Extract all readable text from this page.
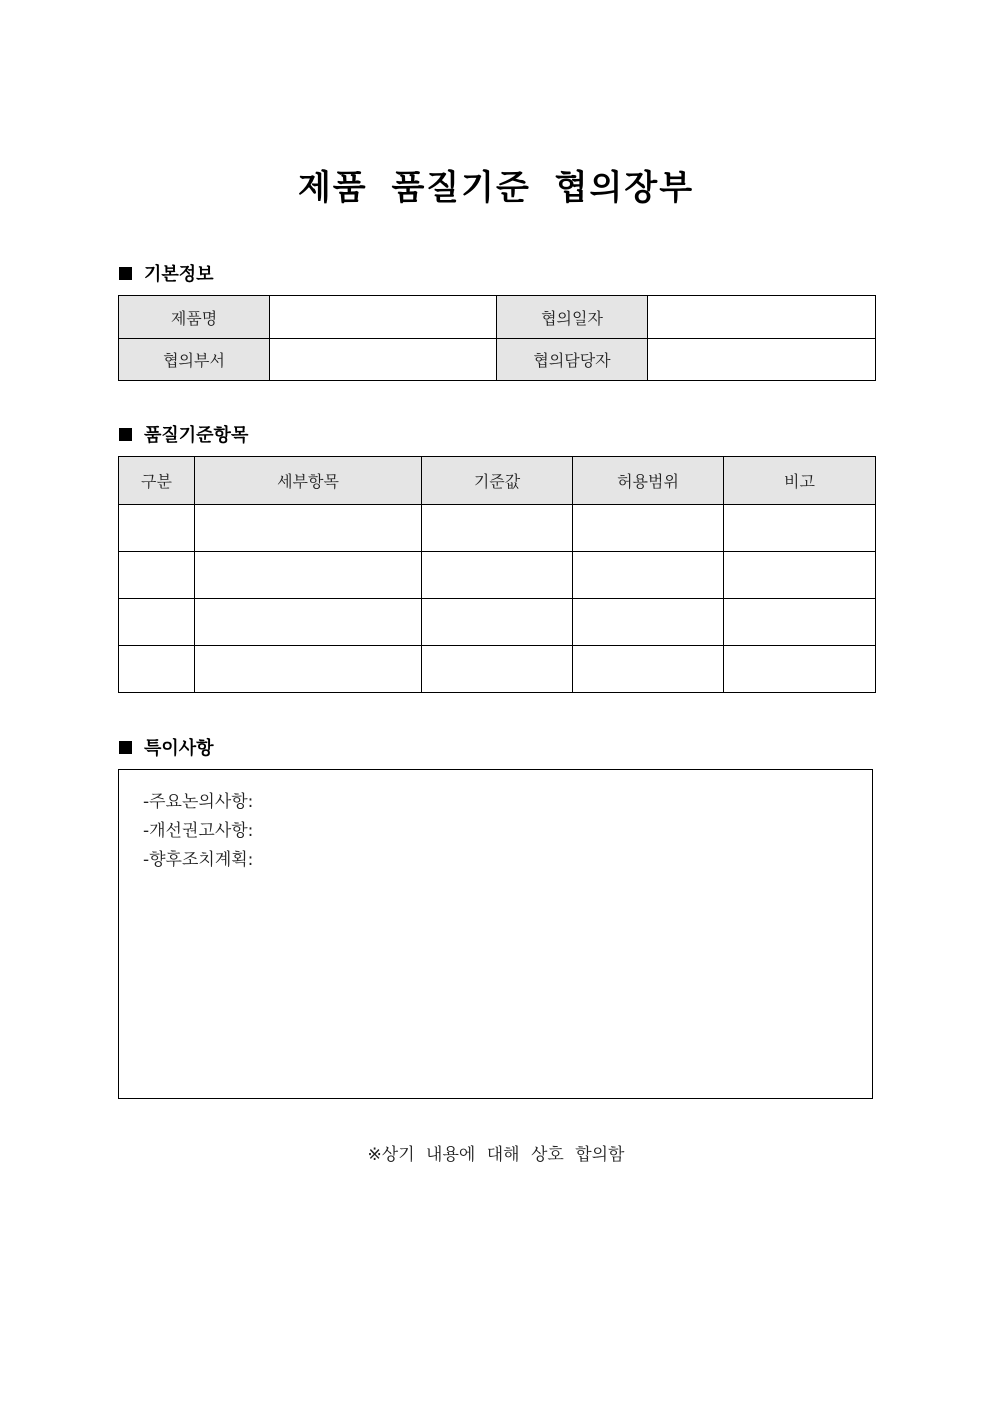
제품 품질기준 협의장부
기본정보
제품명		협의일자	
협의부서		협의담당자	
품질기준항목
구분	세부항목	기준값	허용범위	비고

특이사항
-주요논의사항:
-개선권고사항:
-향후조치계획:
※상기 내용에 대해 상호 합의함
